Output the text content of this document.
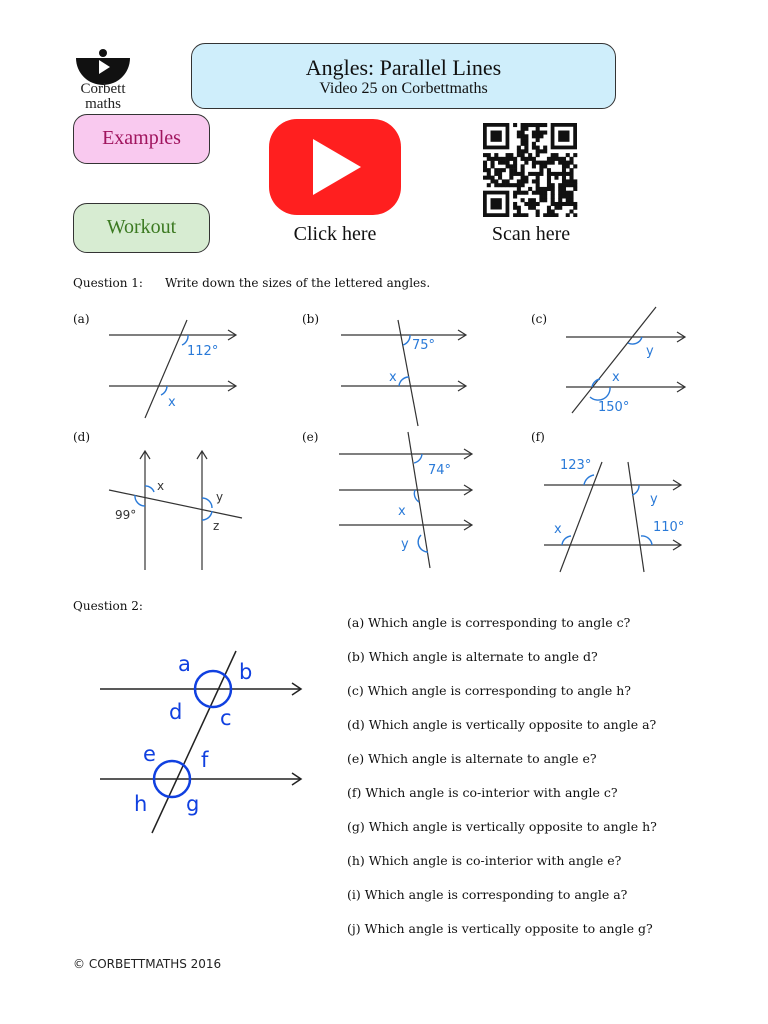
Corbett
maths
Angles: Parallel Lines
Video 25 on Corbettmaths
Examples
Workout	Click here	Scan here
Question 1: Write down the sizes of the lettered angles.
(a)	(b)	(c)
(d)	(e)	(f)
112°
x
75°
x
y
x
150°
x
99°
y
z
74°
x
y
123°
y
x	110°
Question 2:
a b
d c
e f
h g
(a) Which angle is corresponding to angle c?
(b) Which angle is alternate to angle d?
(c) Which angle is corresponding to angle h?
(d) Which angle is vertically opposite to angle a?
(e) Which angle is alternate to angle e?
(f) Which angle is co-interior with angle c?
(g) Which angle is vertically opposite to angle h?
(h) Which angle is co-interior with angle e?
(i) Which angle is corresponding to angle a?
(j) Which angle is vertically opposite to angle g?
© CORBETTMATHS 2016
